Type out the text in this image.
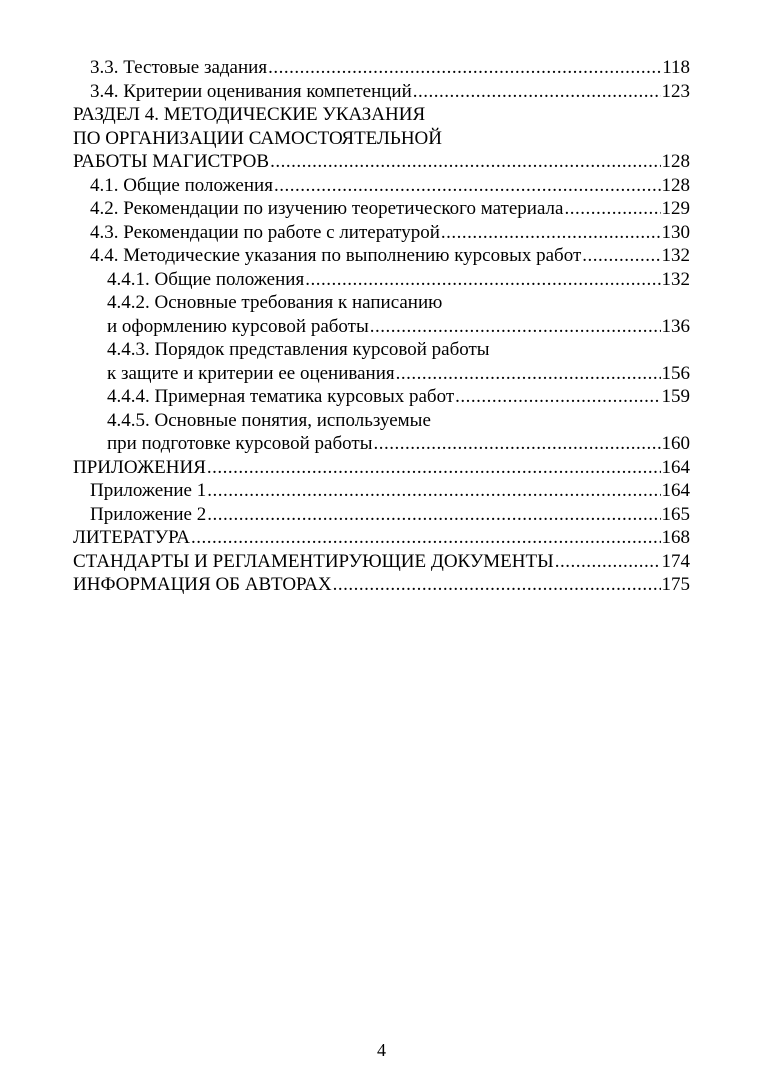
3.3. Тестовые задания .....	118
3.4. Критерии оценивания компетенций .....	123
РАЗДЕЛ 4. МЕТОДИЧЕСКИЕ УКАЗАНИЯ
ПО ОРГАНИЗАЦИИ САМОСТОЯТЕЛЬНОЙ
РАБОТЫ МАГИСТРОВ .....	128
4.1. Общие положения .....	128
4.2. Рекомендации по изучению теоретического материала .....	129
4.3. Рекомендации по работе с литературой .....	130
4.4. Методические указания по выполнению курсовых работ .....	132
4.4.1. Общие положения .....	132
4.4.2. Основные требования к написанию
и оформлению курсовой работы .....	136
4.4.3. Порядок представления курсовой работы
к защите и критерии ее оценивания .....	156
4.4.4. Примерная тематика курсовых работ .....	159
4.4.5. Основные понятия, используемые
при подготовке курсовой работы .....	160
ПРИЛОЖЕНИЯ .....	164
Приложение 1 .....	164
Приложение 2 .....	165
ЛИТЕРАТУРА .....	168
СТАНДАРТЫ И РЕГЛАМЕНТИРУЮЩИЕ ДОКУМЕНТЫ .....	174
ИНФОРМАЦИЯ ОБ АВТОРАХ .....	175
4
